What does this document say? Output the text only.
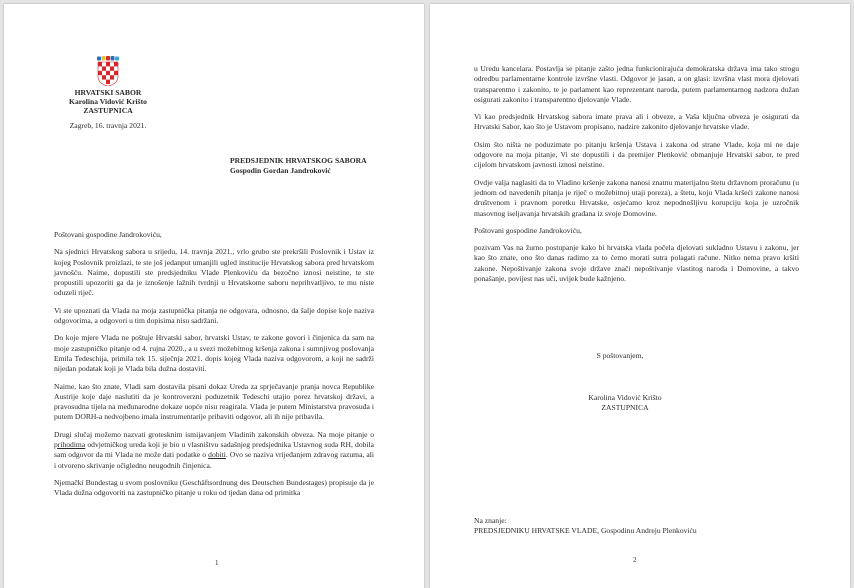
HRVATSKI SABOR
Karolina Vidović Krišto
ZASTUPNICA
Zagreb, 16. travnja 2021.
PREDSJEDNIK HRVATSKOG SABORA
Gospodin Gordan Jandroković

Poštovani gospodine Jandrokoviću,

Na sjednici Hrvatskog sabora u srijedu, 14. travnja 2021., vrlo grubo ste prekršili Poslovnik i Ustav iz kojeg Poslovnik proizlazi, te ste još jedanput umanjili ugled institucije Hrvatskog sabora pred hrvatskom javnošću. Naime, dopustili ste predsjedniku Vlade Plenkoviću da bezočno iznosi neistine, te ste propustili upozoriti ga da je iznošenje lažnih tvrdnji u Hrvatskome saboru neprihvatljivo, te mu niste oduzeli riječ.

Vi ste upoznati da Vlada na moja zastupnička pitanja ne odgovara, odnosno, da šalje dopise koje naziva odgovorima, a odgovori u tim dopisima nisu sadržani.

Do koje mjere Vlada ne poštuje Hrvatski sabor, hrvatski Ustav, te zakone govori i činjenica da sam na moje zastupničko pitanje od 4. rujna 2020., a u svezi možebitnog kršenja zakona i sumnjivog poslovanja Emila Tedeschija, primila tek 15. siječnja 2021. dopis kojeg Vlada naziva odgovorom, a koji ne sadrži nijedan podatak koji je Vlada bila dužna dostaviti.

Naime, kao što znate, Vladi sam dostavila pisani dokaz Ureda za sprječavanje pranja novca Republike Austrije koje daje naslutiti da je kontroverzni poduzetnik Tedeschi utajio porez hrvatskoj državi, a pravosudna tijela na međunarodne dokaze uopće nisu reagirala. Vlada je putem Ministarstva pravosuđa i putem DORH-a nedvojbeno imala instrumentarije pribaviti odgovor, ali ih nije pribavila.

Drugi slučaj možemo nazvati grotesknim ismijavanjem Vladinih zakonskih obveza. Na moje pitanje o prihodima odvjetničkog ureda koji je bio u vlasništvu sadašnjeg predsjednika Ustavnog suda RH, dobila sam odgovor da mi Vlada ne može dati podatke o dobiti. Ovo se naziva vrijeđanjem zdravog razuma, ali i otvoreno skrivanje očigledno neugodnih činjenica.

Njemački Bundestag u svom poslovniku (Geschäftsordnung des Deutschen Bundestages) propisuje da je Vlada dužna odgovoriti na zastupničko pitanje u roku od tjedan dana od primitka

1

u Uredu kancelara. Postavlja se pitanje zašto jedna funkcionirajuća demokratska država ima tako strogu odredbu parlamentarne kontrole izvršne vlasti. Odgovor je jasan, a on glasi: izvršna vlast mora djelovati transparentno i zakonito, te je parlament kao reprezentant naroda, putem parlamentarnog nadzora dužan osigurati zakonito i transparentno djelovanje Vlade.

Vi kao predsjednik Hrvatskog sabora imate prava ali i obveze, a Vaša ključna obveza je osigurati da Hrvatski Sabor, kao što je Ustavom propisano, nadzire zakonito djelovanje hrvatske vlade.

Osim što ništa ne poduzimate po pitanju kršenja Ustava i zakona od strane Vlade, koja mi ne daje odgovore na moja pitanje, Vi ste dopustili i da premijer Plenković obmanjuje Hrvatski sabor, te pred cijelom hrvatskom javnosti iznosi neistine.

Ovdje valja naglasiti da to Vladino kršenje zakona nanosi znatnu materijalnu štetu državnom proračunu (u jednom od navedenih pitanja je riječ o možebitnoj utaji poreza), a štetu, koju Vlada kršeći zakone nanosi društvenom i pravnom poretku Hrvatske, osjećamo kroz nepodnošljivu korupciju koja je uzročnik masovnog iseljavanja hrvatskih građana iz svoje Domovine.

Poštovani gospodine Jandrokoviću,

pozivam Vas na žurno postupanje kako bi hrvatska vlada počela djelovati sukladno Ustavu i zakonu, jer kao što znate, ono što danas radimo za to ćemo morati sutra polagati račune. Nitko nema pravo kršiti zakone. Nepoštivanje zakona svoje države znači nepoštivanje vlastitog naroda i Domovine, a takvo ponašanje, povijest nas uči, uvijek bude kažnjeno.

S poštovanjem,
Karolina Vidović Krišto
ZASTUPNICA
Na znanje:
PREDSJEDNIKU HRVATSKE VLADE, Gospodinu Andreju Plenkoviću
2
